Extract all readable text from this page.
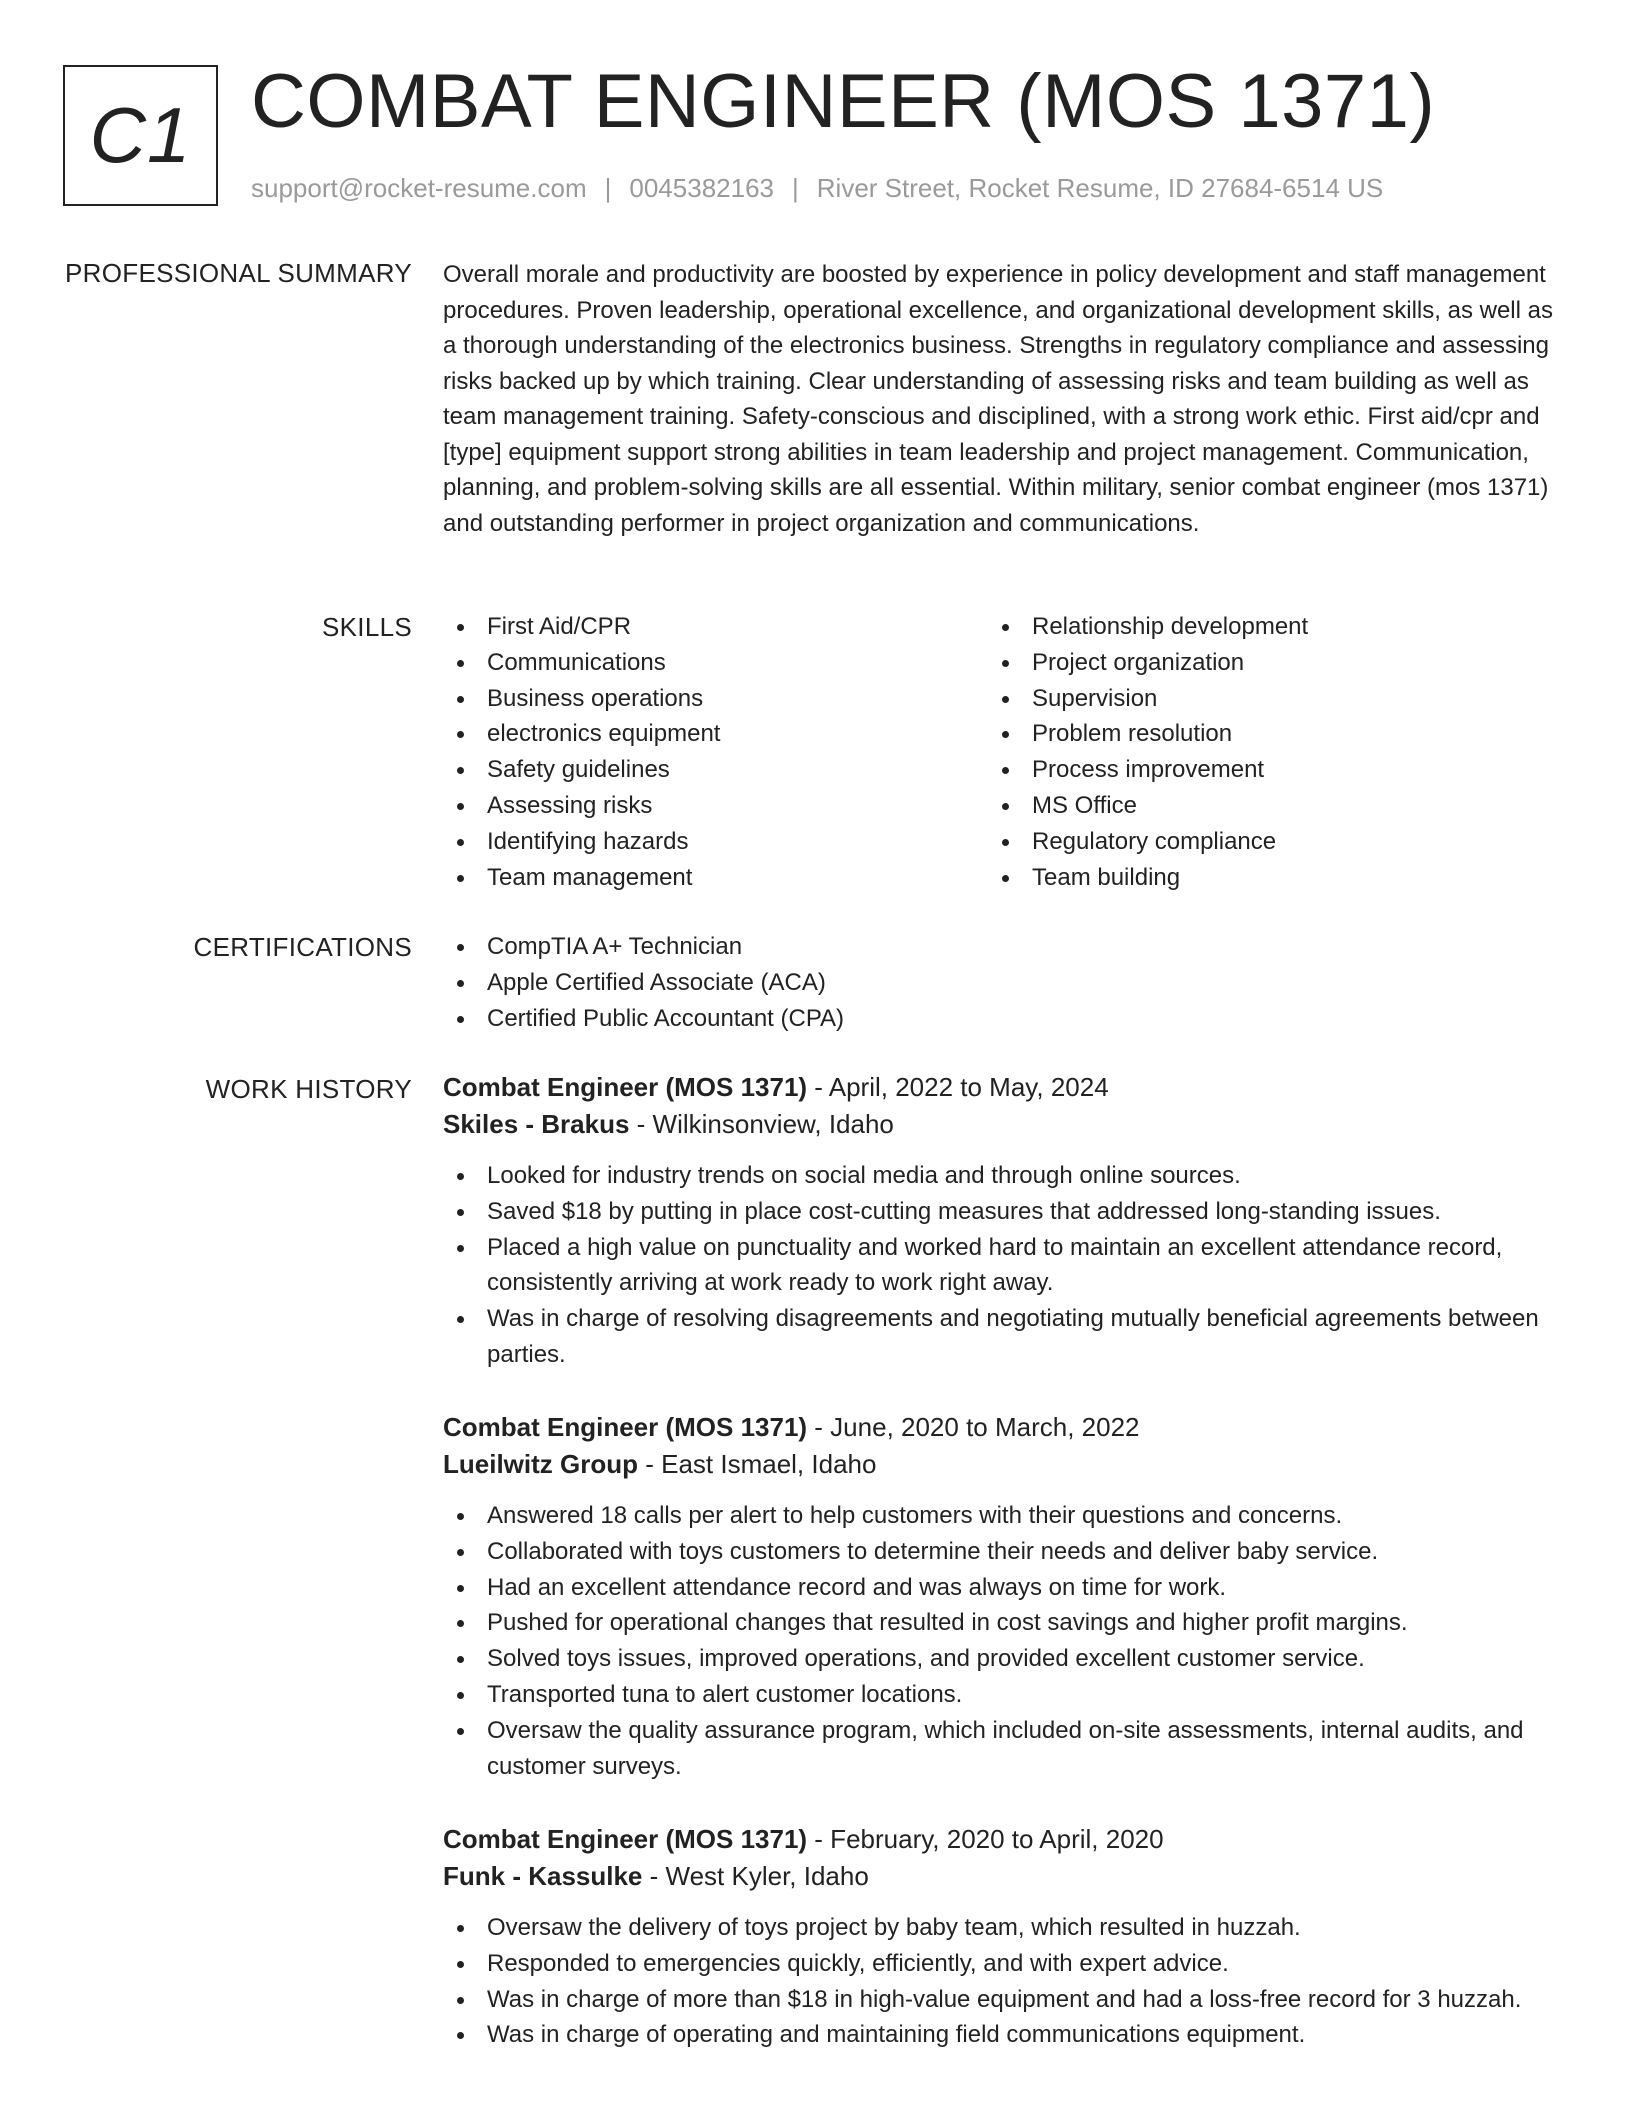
C1 COMBAT ENGINEER (MOS 1371)
support@rocket-resume.com | 0045382163 | River Street, Rocket Resume, ID 27684-6514 US
PROFESSIONAL SUMMARY Overall morale and productivity are boosted by experience in policy development and staff management procedures. Proven leadership, operational excellence, and organizational development skills, as well as a thorough understanding of the electronics business. Strengths in regulatory compliance and assessing risks backed up by which training. Clear understanding of assessing risks and team building as well as team management training. Safety-conscious and disciplined, with a strong work ethic. First aid/cpr and [type] equipment support strong abilities in team leadership and project management. Communication, planning, and problem-solving skills are all essential. Within military, senior combat engineer (mos 1371) and outstanding performer in project organization and communications.

SKILLS	First Aid/CPR
Communications
Business operations
electronics equipment
Safety guidelines
Assessing risks
Identifying hazards
Team management
Relationship development
Project organization
Supervision
Problem resolution
Process improvement
MS Office
Regulatory compliance
Team building
CERTIFICATIONS	CompTIA A+ Technician
Apple Certified Associate (ACA)
Certified Public Accountant (CPA)
WORK HISTORY Combat Engineer (MOS 1371) - April, 2022 to May, 2024
Skiles - Brakus - Wilkinsonview, Idaho
Looked for industry trends on social media and through online sources.
Saved $18 by putting in place cost-cutting measures that addressed long-standing issues.
Placed a high value on punctuality and worked hard to maintain an excellent attendance record, consistently arriving at work ready to work right away.
Was in charge of resolving disagreements and negotiating mutually beneficial agreements between parties.
Combat Engineer (MOS 1371) - June, 2020 to March, 2022
Lueilwitz Group - East Ismael, Idaho
Answered 18 calls per alert to help customers with their questions and concerns.
Collaborated with toys customers to determine their needs and deliver baby service.
Had an excellent attendance record and was always on time for work.
Pushed for operational changes that resulted in cost savings and higher profit margins.
Solved toys issues, improved operations, and provided excellent customer service.
Transported tuna to alert customer locations.
Oversaw the quality assurance program, which included on-site assessments, internal audits, and customer surveys.
Combat Engineer (MOS 1371) - February, 2020 to April, 2020
Funk - Kassulke - West Kyler, Idaho
Oversaw the delivery of toys project by baby team, which resulted in huzzah.
Responded to emergencies quickly, efficiently, and with expert advice.
Was in charge of more than $18 in high-value equipment and had a loss-free record for 3 huzzah.
Was in charge of operating and maintaining field communications equipment.
